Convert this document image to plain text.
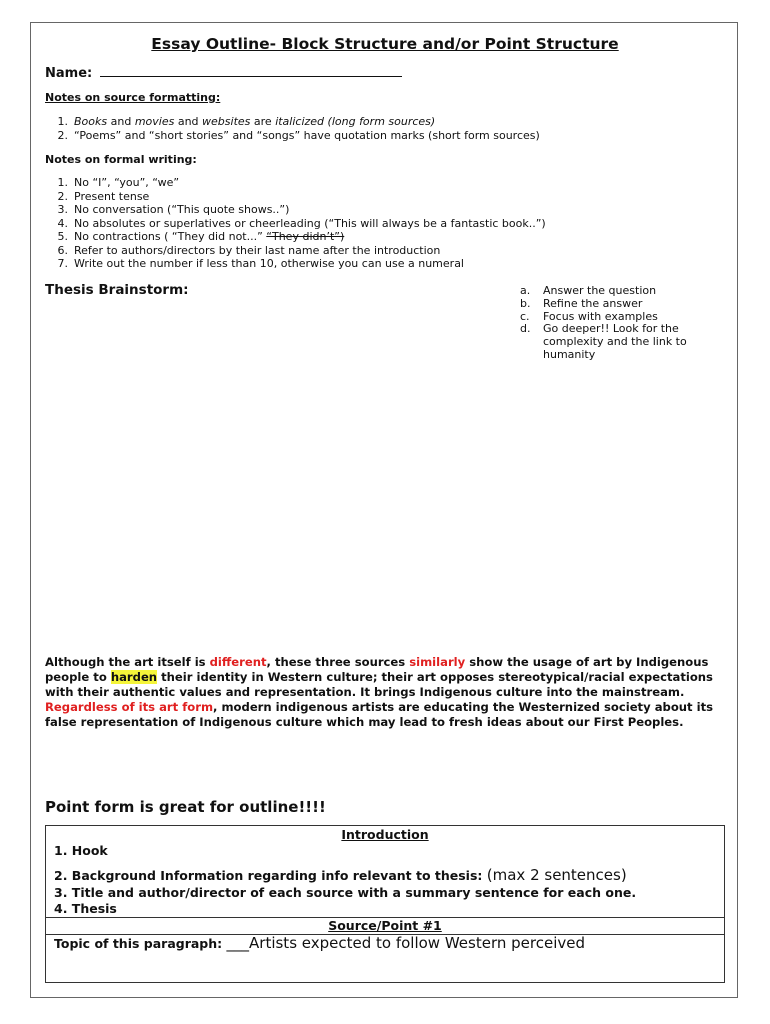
Essay Outline- Block Structure and/or Point Structure
Name:
Notes on source formatting:
1. Books and movies and websites are italicized (long form sources)
2. “Poems” and “short stories” and “songs” have quotation marks (short form sources)
Notes on formal writing:
1. No “I”, “you”, “we”
2. Present tense
3. No conversation (“This quote shows..”)
4. No absolutes or superlatives or cheerleading (“This will always be a fantastic book..”)
5. No contractions ( “They did not...” “They didn’t”)
6. Refer to authors/directors by their last name after the introduction
7. Write out the number if less than 10, otherwise you can use a numeral
Thesis Brainstorm:	a. Answer the question
b. Refine the answer
c. Focus with examples
d. Go deeper!! Look for the complexity and the link to humanity
Although the art itself is different, these three sources similarly show the usage of art by Indigenous people to harden their identity in Western culture; their art opposes stereotypical/racial expectations with their authentic values and representation. It brings Indigenous culture into the mainstream. Regardless of its art form, modern indigenous artists are educating the Westernized society about its false representation of Indigenous culture which may lead to fresh ideas about our First Peoples.
Point form is great for outline!!!!
Introduction
1. Hook
2. Background Information regarding info relevant to thesis: (max 2 sentences)
3. Title and author/director of each source with a summary sentence for each one.
4. Thesis
Source/Point #1
Topic of this paragraph: ___Artists expected to follow Western perceived
